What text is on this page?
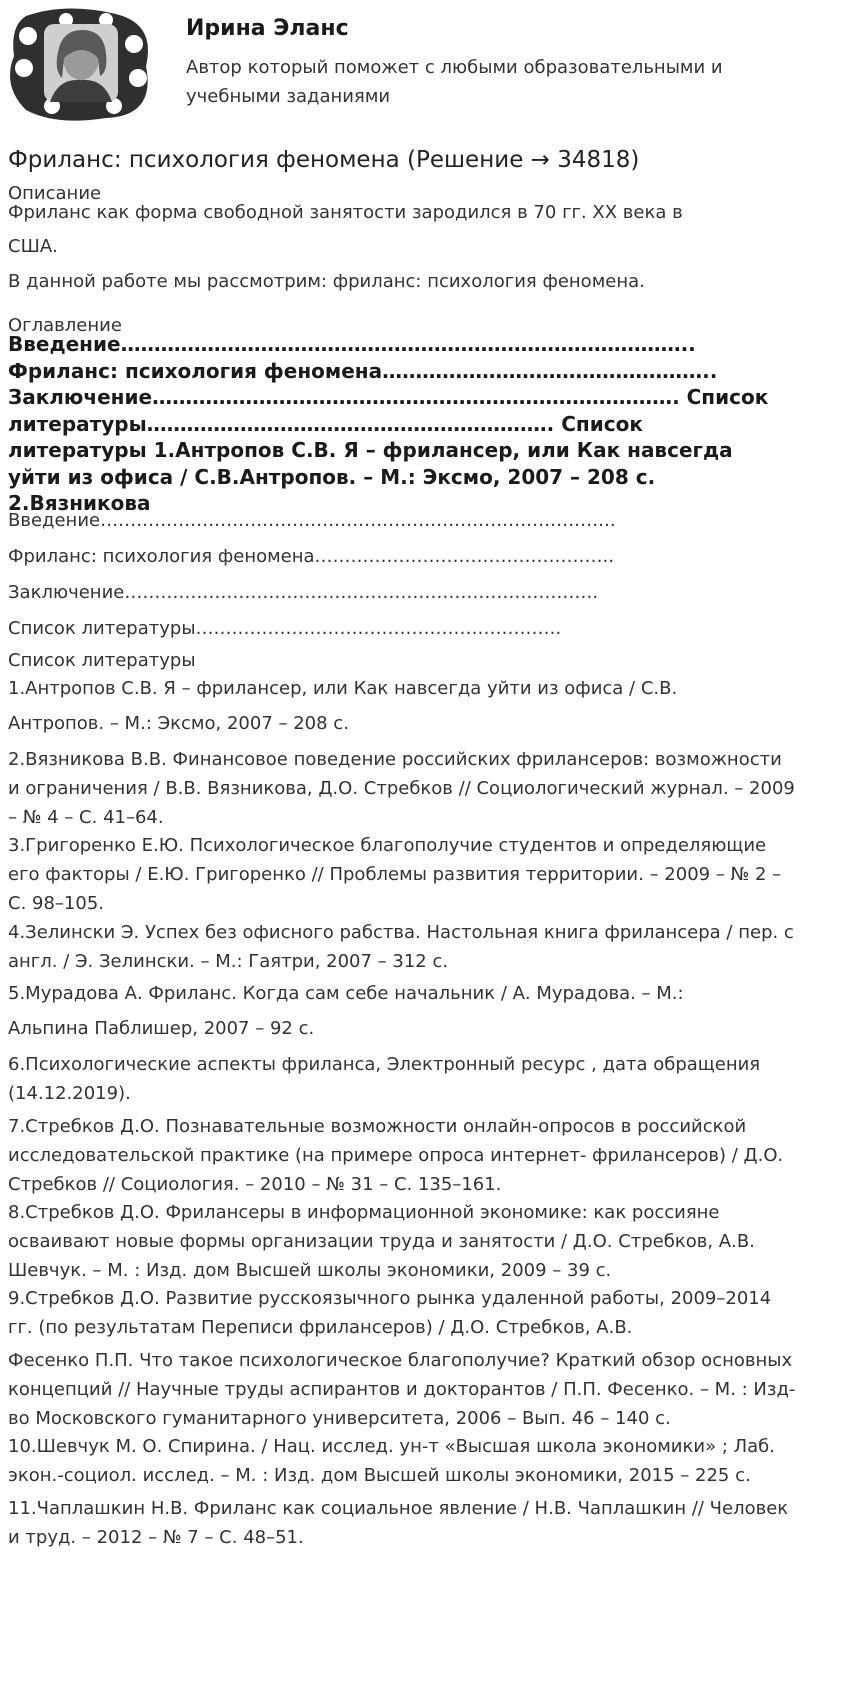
Ирина Эланс
Автор который поможет с любыми образовательными и учебными заданиями
Фриланс: психология феномена (Решение → 34818)
Описание
Фриланс как форма свободной занятости зародился в 70 гг. XX века в
США.
В данной работе мы рассмотрим: фриланс: психология феномена.
Оглавление
Введение…………………………………………………………………………..
Фриланс: психология феномена…………………………………………..
Заключение……………………………………………………………………. Список
литературы……………………………………………………. Список
литературы 1.Антропов С.В. Я – фрилансер, или Как навсегда
уйти из офиса / С.В.Антропов. – М.: Эксмо, 2007 – 208 с.
2.Вязникова
Введение…………………………………………………………………………..
Фриланс: психология феномена…………………………………………..
Заключение…………………………………………………………………….
Список литературы…………………………………………………….
Список литературы
1.Антропов С.В. Я – фрилансер, или Как навсегда уйти из офиса / С.В.
Антропов. – М.: Эксмо, 2007 – 208 с.
2.Вязникова В.В. Финансовое поведение российских фрилансеров: возможности
и ограничения / В.В. Вязникова, Д.О. Стребков // Социологический журнал. – 2009
– № 4 – С. 41–64.
3.Григоренко Е.Ю. Психологическое благополучие студентов и определяющие
его факторы / Е.Ю. Григоренко // Проблемы развития территории. – 2009 – № 2 –
С. 98–105.
4.Зелински Э. Успех без офисного рабства. Настольная книга фрилансера / пер. с
англ. / Э. Зелински. – М.: Гаятри, 2007 – 312 с.
5.Мурадова А. Фриланс. Когда сам себе начальник / А. Мурадова. – М.:
Альпина Паблишер, 2007 – 92 с.
6.Психологические аспекты фриланса, Электронный ресурс , дата обращения
(14.12.2019).
7.Стребков Д.О. Познавательные возможности онлайн-опросов в российской
исследовательской практике (на примере опроса интернет- фрилансеров) / Д.О.
Стребков // Социология. – 2010 – № 31 – С. 135–161.
8.Стребков Д.О. Фрилансеры в информационной экономике: как россияне
осваивают новые формы организации труда и занятости / Д.О. Стребков, А.В.
Шевчук. – М. : Изд. дом Высшей школы экономики, 2009 – 39 с.
9.Стребков Д.О. Развитие русскоязычного рынка удаленной работы, 2009–2014
гг. (по результатам Переписи фрилансеров) / Д.О. Стребков, А.В.
Фесенко П.П. Что такое психологическое благополучие? Краткий обзор основных
концепций // Научные труды аспирантов и докторантов / П.П. Фесенко. – М. : Изд-
во Московского гуманитарного университета, 2006 – Вып. 46 – 140 с.
10.Шевчук М. О. Спирина. / Нац. исслед. ун-т «Высшая школа экономики» ; Лаб.
экон.-социол. исслед. – М. : Изд. дом Высшей школы экономики, 2015 – 225 с.
11.Чаплашкин Н.В. Фриланс как социальное явление / Н.В. Чаплашкин // Человек
и труд. – 2012 – № 7 – С. 48–51.
